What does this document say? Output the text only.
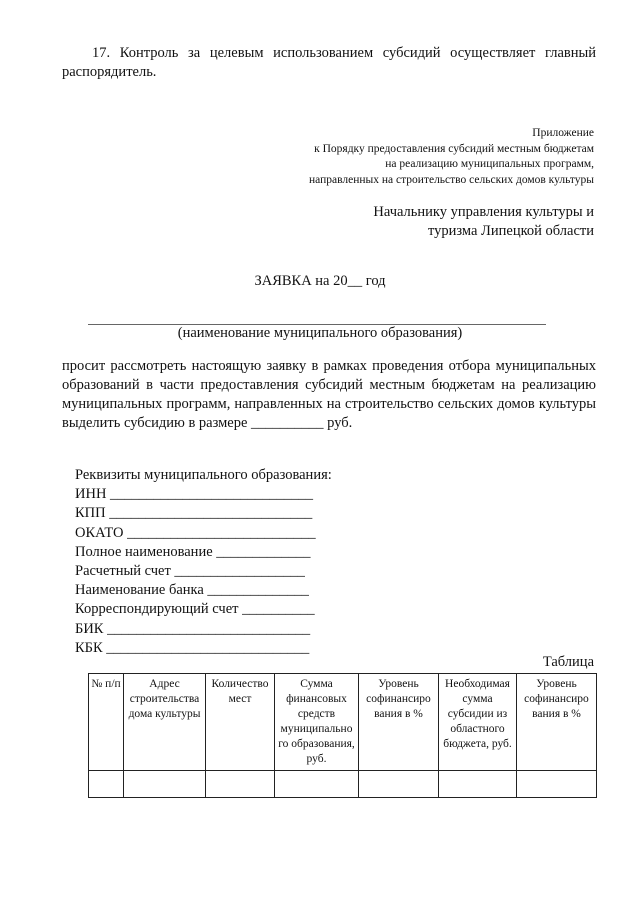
17. Контроль за целевым использованием субсидий осуществляет главный распорядитель.
Приложение
к Порядку предоставления субсидий местным бюджетам
на реализацию муниципальных программ,
направленных на строительство сельских домов культуры
Начальнику управления культуры и
туризма Липецкой области
ЗАЯВКА на 20__ год
(наименование муниципального образования)
просит рассмотреть настоящую заявку в рамках проведения отбора муниципальных образований в части предоставления субсидий местным бюджетам на реализацию муниципальных программ, направленных на строительство сельских домов культуры выделить субсидию в размере __________ руб.
Реквизиты муниципального образования:
ИНН ____________________________
КПП ____________________________
ОКАТО __________________________
Полное наименование _____________
Расчетный счет __________________
Наименование банка ______________
Корреспондирующий счет __________
БИК ____________________________
КБК ____________________________
Таблица
№ п/п	Адрес строительства дома культуры	Количество мест	Сумма финансовых средств муниципально го образования, руб.	Уровень софинансиро вания в %	Необходимая сумма субсидии из областного бюджета, руб.	Уровень софинансиро вания в %
